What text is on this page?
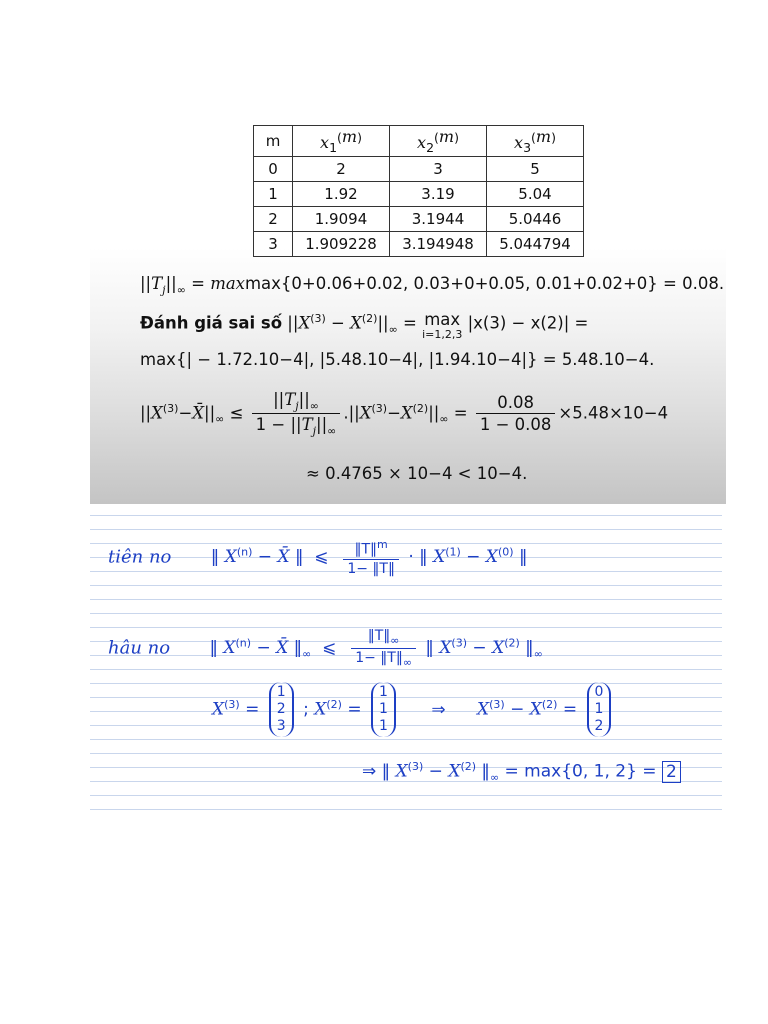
m	$x_1^{(m)}$	$x_2^{(m)}$	$x_3^{(m)}$
0	2	3	5
1	1.92	3.19	5.04
2	1.9094	3.1944	5.0446
3	1.909228	3.194948	5.044794
$||T_j||_\infty = maxmax\{0+0.06+0.02$, 0.03+0+0.05, 0.01+0.02+0} = 0.08.
Đánh giá sai số $||X^{(3)} - X^{(2)}||_\infty = \max$
i=1,2,3
|x(3) − x(2)| =
max{| − 1.72.10−4|, |5.48.10−4|, |1.94.10−4|} = 5.48.10−4.
$||X^{(3)}-X̄||_\infty \le \frac{||T_j||_\infty}{1 - ||T_j||_\infty} .||X^{(3)}-X^{(2)}||_\infty = \frac{0.08}{1 - 0.08} \times 5.48\times 10-4$
≈ 0.4765 × 10−4 < 10−4.
tiên no ‖ $X^{(n)}$ − X̄ ‖  ⩽ $\frac{‖T‖^m}{1- ‖T‖}$ · ‖ $X^{(1)} - X^{(0)}$ ‖
hâu no ‖ $X^{(n)}$ − X̄ $‖_\infty$  ⩽ $\frac{‖T‖_\infty}{1- ‖T‖_\infty}$ ‖ $X^{(3)} - X^{(2)}$ $‖_\infty$
$X^{(3)}$ =
1
2
3
; $X^{(2)}$ =
1
1
1
⇒ $X^{(3)} - X^{(2)}$ =
0
1
2
⇒ ‖ $X^{(3)} - X^{(2)}$ $‖_\infty = \max\{0$, 1, 2} = 2
